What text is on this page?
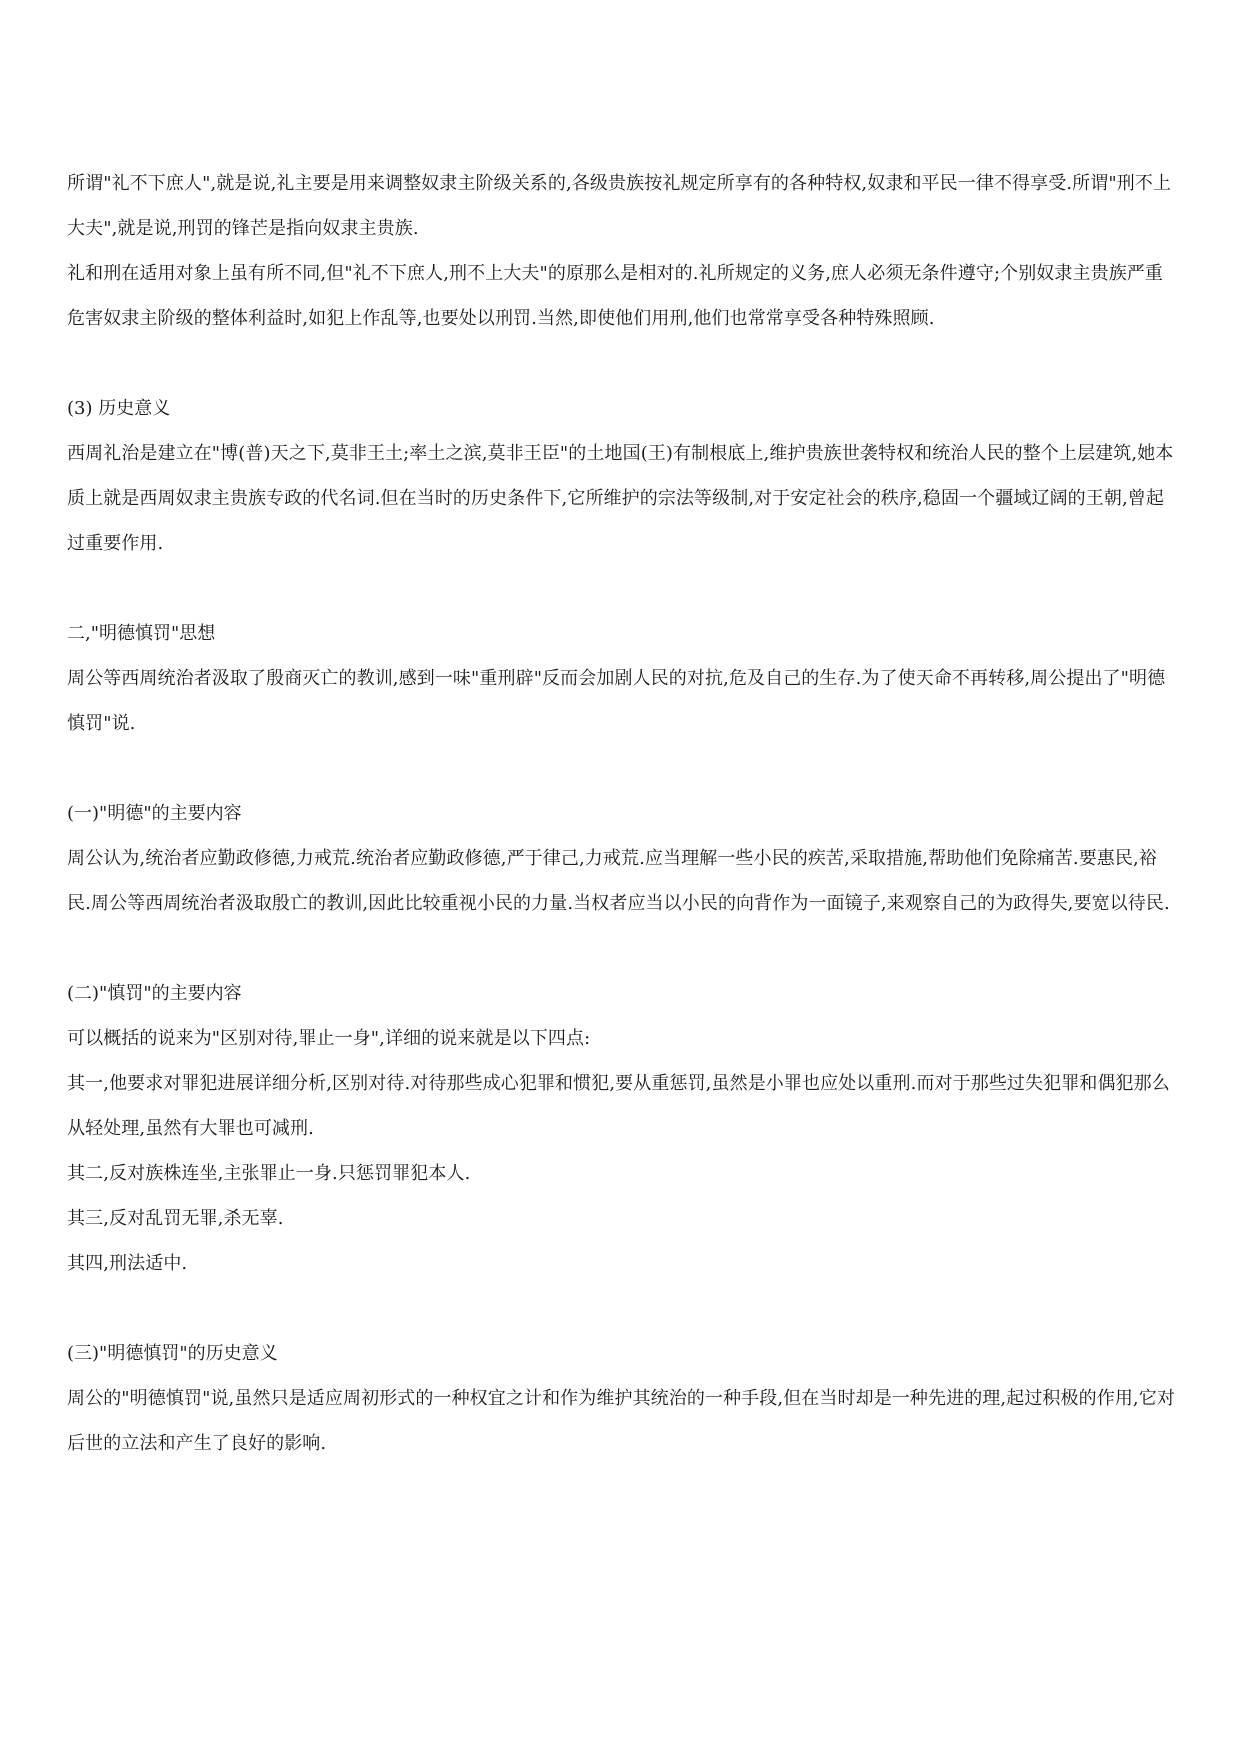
所谓"礼不下庶人",就是说,礼主要是用来调整奴隶主阶级关系的,各级贵族按礼规定所享有的各种特权,奴隶和平民一律不得享受.所谓"刑不上大夫",就是说,刑罚的锋芒是指向奴隶主贵族.

礼和刑在适用对象上虽有所不同,但"礼不下庶人,刑不上大夫"的原那么是相对的.礼所规定的义务,庶人必须无条件遵守;个别奴隶主贵族严重危害奴隶主阶级的整体利益时,如犯上作乱等,也要处以刑罚.当然,即使他们用刑,他们也常常享受各种特殊照顾.

(3) 历史意义

西周礼治是建立在"博(普)天之下,莫非王土;率土之滨,莫非王臣"的土地国(王)有制根底上,维护贵族世袭特权和统治人民的整个上层建筑,她本质上就是西周奴隶主贵族专政的代名词.但在当时的历史条件下,它所维护的宗法等级制,对于安定社会的秩序,稳固一个疆域辽阔的王朝,曾起过重要作用.

二,"明德慎罚"思想

周公等西周统治者汲取了殷商灭亡的教训,感到一味"重刑辟"反而会加剧人民的对抗,危及自己的生存.为了使天命不再转移,周公提出了"明德慎罚"说.

(一)"明德"的主要内容

周公认为,统治者应勤政修德,力戒荒.统治者应勤政修德,严于律己,力戒荒.应当理解一些小民的疾苦,采取措施,帮助他们免除痛苦.要惠民,裕民.周公等西周统治者汲取殷亡的教训,因此比较重视小民的力量.当权者应当以小民的向背作为一面镜子,来观察自己的为政得失,要宽以待民.

(二)"慎罚"的主要内容

可以概括的说来为"区别对待,罪止一身",详细的说来就是以下四点:

其一,他要求对罪犯进展详细分析,区别对待.对待那些成心犯罪和惯犯,要从重惩罚,虽然是小罪也应处以重刑.而对于那些过失犯罪和偶犯那么从轻处理,虽然有大罪也可减刑.

其二,反对族株连坐,主张罪止一身.只惩罚罪犯本人.

其三,反对乱罚无罪,杀无辜.

其四,刑法适中.

(三)"明德慎罚"的历史意义

周公的"明德慎罚"说,虽然只是适应周初形式的一种权宜之计和作为维护其统治的一种手段,但在当时却是一种先进的理,起过积极的作用,它对后世的立法和产生了良好的影响.
